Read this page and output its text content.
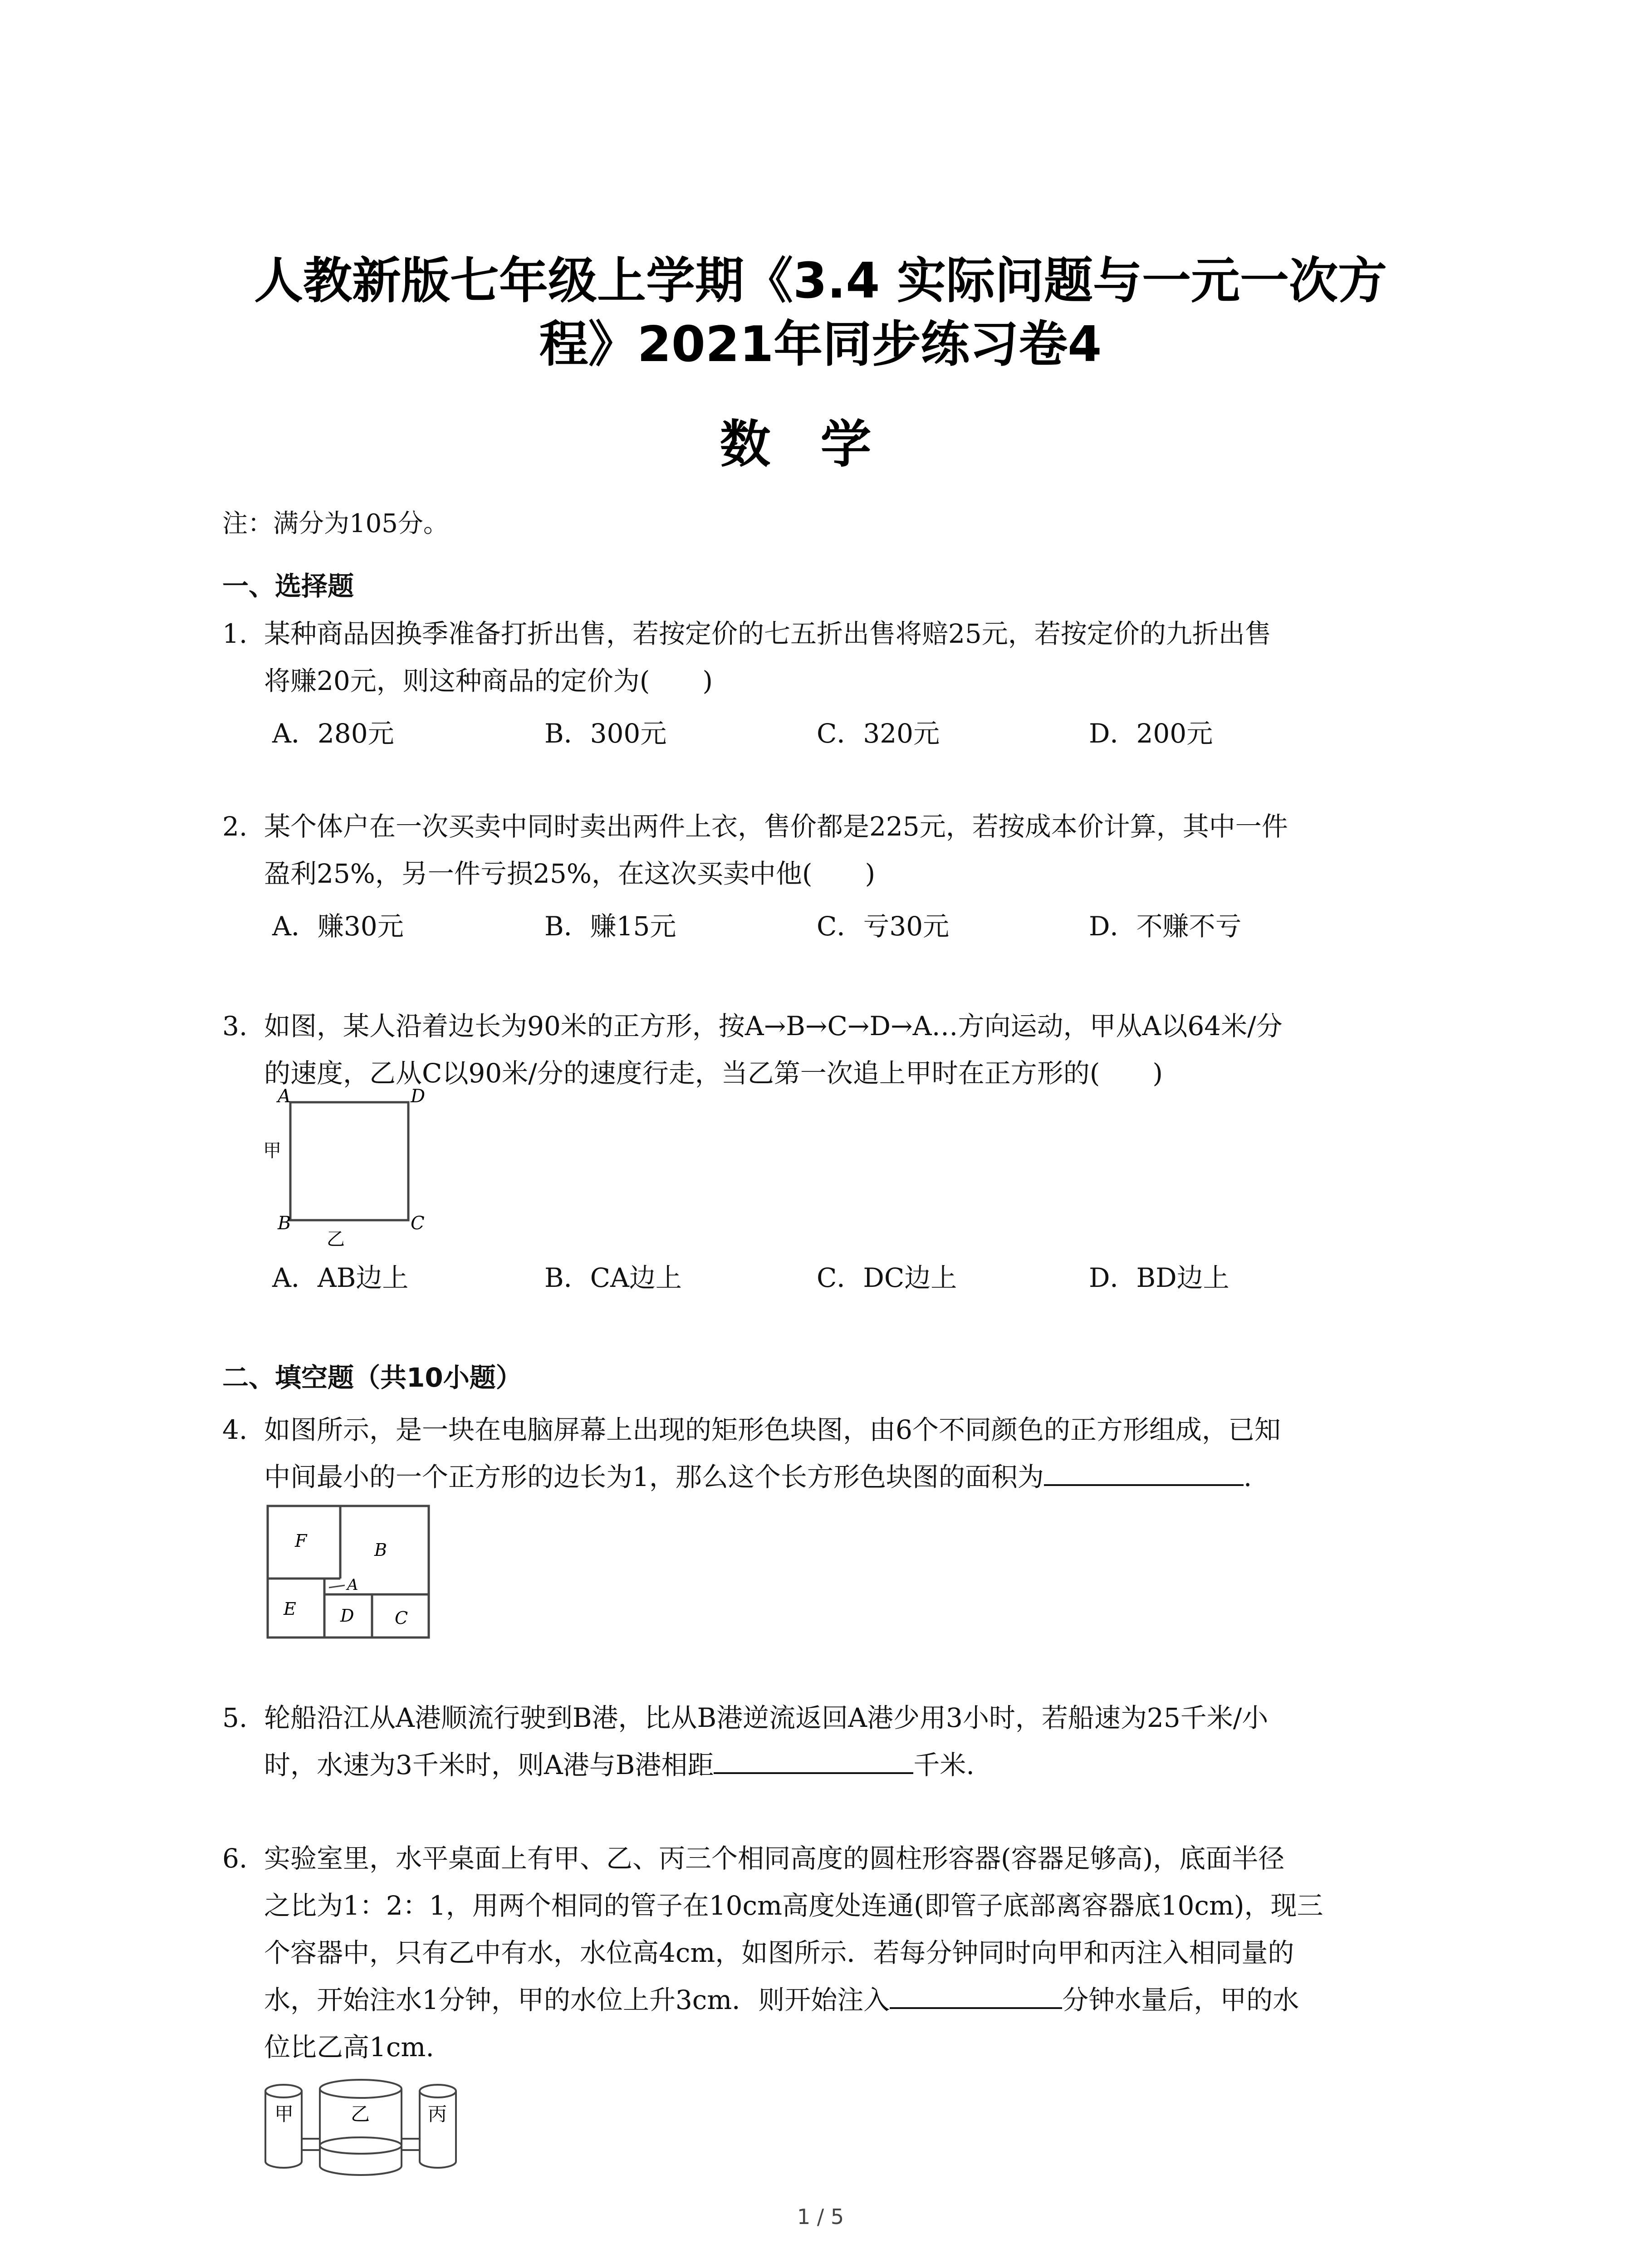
人教新版七年级上学期《3.4 实际问题与一元一次方
程》2021年同步练习卷4
数学
注：满分为105分。
一、选择题
1. 某种商品因换季准备打折出售，若按定价的七五折出售将赔25元，若按定价的九折出售
将赚20元，则这种商品的定价为(　　)
A．280元	B．300元	C．320元	D．200元
2. 某个体户在一次买卖中同时卖出两件上衣，售价都是225元，若按成本价计算，其中一件
盈利25%，另一件亏损25%，在这次买卖中他(　　)
A．赚30元	B．赚15元	C．亏30元	D．不赚不亏
3. 如图，某人沿着边长为90米的正方形，按A→B→C→D→A…方向运动，甲从A以64米/分
的速度，乙从C以90米/分的速度行走，当乙第一次追上甲时在正方形的(　　)
A	D
B	C
甲
乙
A．AB边上	B．CA边上	C．DC边上	D．BD边上
二、填空题（共10小题）
4. 如图所示，是一块在电脑屏幕上出现的矩形色块图，由6个不同颜色的正方形组成，已知
中间最小的一个正方形的边长为1，那么这个长方形色块图的面积为	.
F	B
A
E	D C
5. 轮船沿江从A港顺流行驶到B港，比从B港逆流返回A港少用3小时，若船速为25千米/小
时，水速为3千米时，则A港与B港相距	千米.
6. 实验室里，水平桌面上有甲、乙、丙三个相同高度的圆柱形容器(容器足够高)，底面半径
之比为1：2：1，用两个相同的管子在10cm高度处连通(即管子底部离容器底10cm)，现三
个容器中，只有乙中有水，水位高4cm，如图所示．若每分钟同时向甲和丙注入相同量的
水，开始注水1分钟，甲的水位上升3cm．则开始注入	分钟水量后，甲的水
位比乙高1cm.
甲	乙	丙
1 / 5
